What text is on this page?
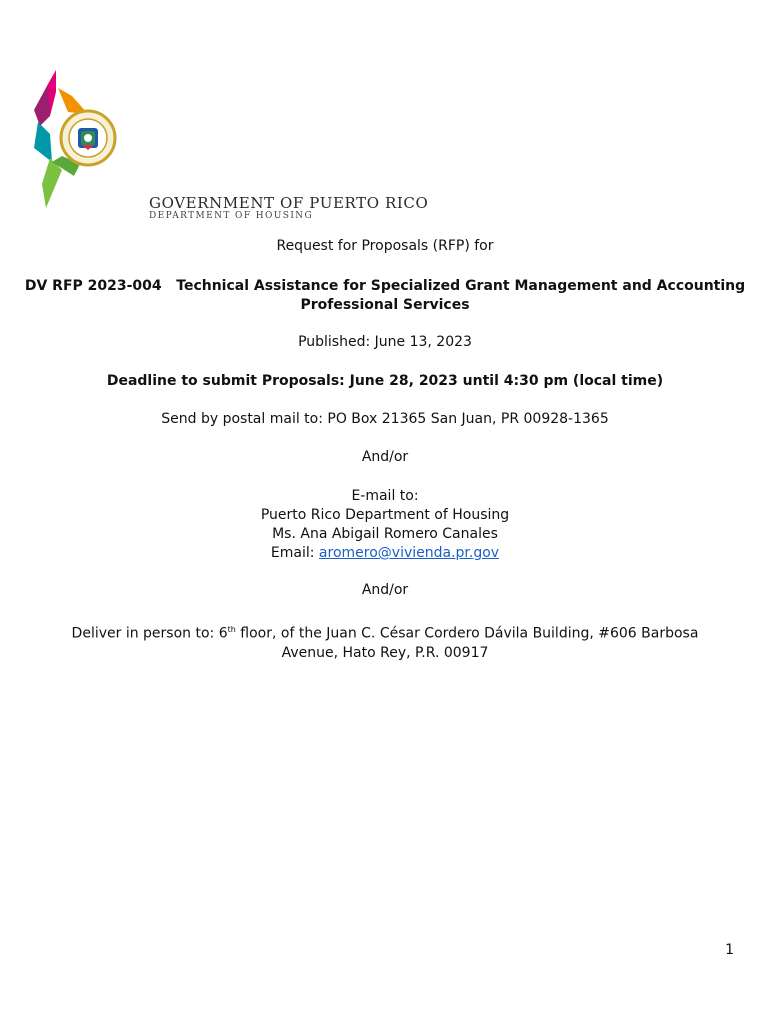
GOVERNMENT OF PUERTO RICO
DEPARTMENT OF HOUSING
Request for Proposals (RFP) for
DV RFP 2023-004   Technical Assistance for Specialized Grant Management and Accounting
Professional Services
Published: June 13, 2023
Deadline to submit Proposals: June 28, 2023 until 4:30 pm (local time)
Send by postal mail to: PO Box 21365 San Juan, PR 00928-1365
And/or
E-mail to:
Puerto Rico Department of Housing
Ms. Ana Abigail Romero Canales
Email: aromero@vivienda.pr.gov
And/or
Deliver in person to: 6th floor, of the Juan C. César Cordero Dávila Building, #606 Barbosa
Avenue, Hato Rey, P.R. 00917
1
